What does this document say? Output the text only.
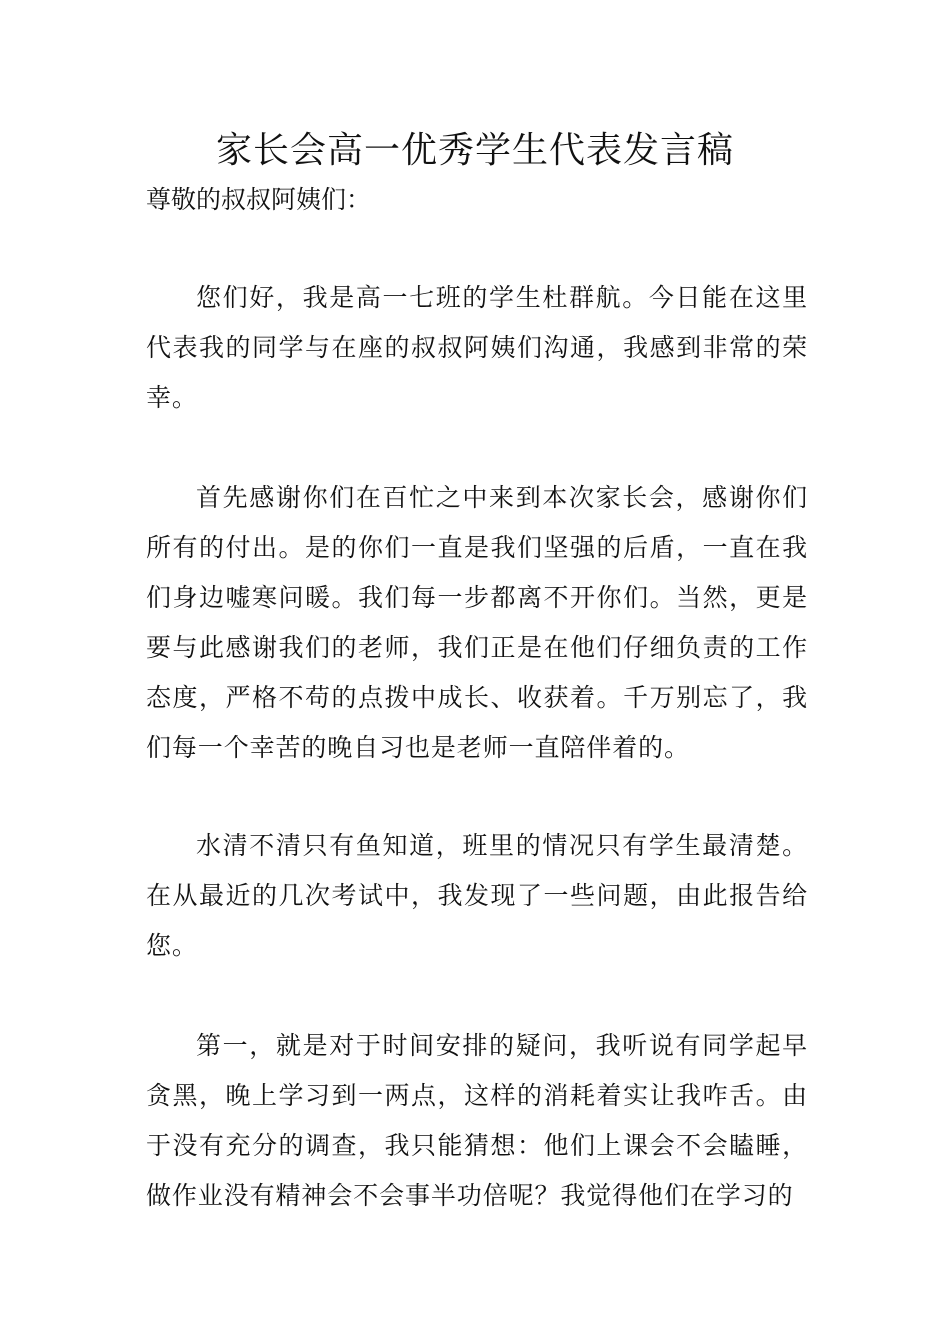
家长会高一优秀学生代表发言稿

尊敬的叔叔阿姨们：

您们好，我是高一七班的学生杜群航。今日能在这里代表我的同学与在座的叔叔阿姨们沟通，我感到非常的荣幸。

首先感谢你们在百忙之中来到本次家长会，感谢你们所有的付出。是的你们一直是我们坚强的后盾，一直在我们身边嘘寒问暖。我们每一步都离不开你们。当然，更是要与此感谢我们的老师，我们正是在他们仔细负责的工作态度，严格不苟的点拨中成长、收获着。千万别忘了，我们每一个幸苦的晚自习也是老师一直陪伴着的。

水清不清只有鱼知道，班里的情况只有学生最清楚。在从最近的几次考试中，我发现了一些问题，由此报告给您。

第一，就是对于时间安排的疑问，我听说有同学起早贪黑，晚上学习到一两点，这样的消耗着实让我咋舌。由于没有充分的调查，我只能猜想：他们上课会不会瞌睡，做作业没有精神会不会事半功倍呢？我觉得他们在学习的
